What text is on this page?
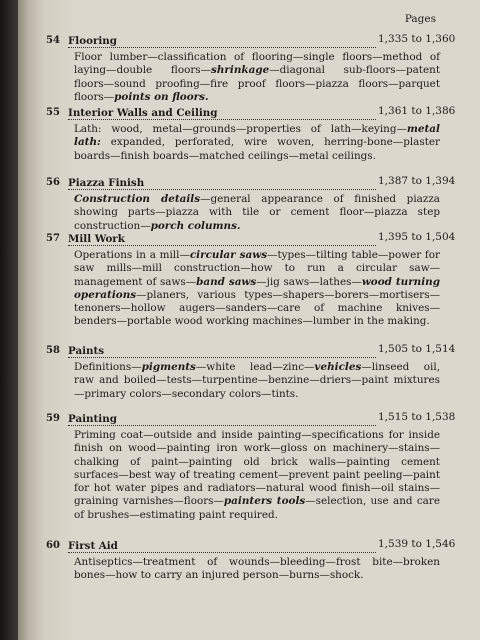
Pages
54 Flooring	1,335 to 1,360
Floor lumber—classification of flooring—single floors—method of laying—double floors—shrinkage—diagonal sub-floors—patent floors—sound proofing—fire proof floors—piazza floors—parquet floors—points on floors.
55 Interior Walls and Ceiling	1,361 to 1,386
Lath: wood, metal—grounds—properties of lath—keying—metal lath: expanded, perforated, wire woven, herring-bone—plaster boards—finish boards—matched ceilings—metal ceilings.
56 Piazza Finish	1,387 to 1,394
Construction details—general appearance of finished piazza showing parts—piazza with tile or cement floor—piazza step construction—porch columns.
57 Mill Work	1,395 to 1,504
Operations in a mill—circular saws—types—tilting table—power for saw mills—mill construction—how to run a circular saw—management of saws—band saws—jig saws—lathes—wood turning operations—planers, various types—shapers—borers—mortisers—tenoners—hollow augers—sanders—care of machine knives—benders—portable wood working machines—lumber in the making.
58 Paints	1,505 to 1,514
Definitions—pigments—white lead—zinc—vehicles—linseed oil, raw and boiled—tests—turpentine—benzine—driers—paint mixtures—primary colors—secondary colors—tints.
59 Painting	1,515 to 1,538
Priming coat—outside and inside painting—specifications for inside finish on wood—painting iron work—gloss on machinery—stains—chalking of paint—painting old brick walls—painting cement surfaces—best way of treating cement—prevent paint peeling—paint for hot water pipes and radiators—natural wood finish—oil stains—graining varnishes—floors—painters tools—selection, use and care of brushes—estimating paint required.
60 First Aid	1,539 to 1,546
Antiseptics—treatment of wounds—bleeding—frost bite—broken bones—how to carry an injured person—burns—shock.
